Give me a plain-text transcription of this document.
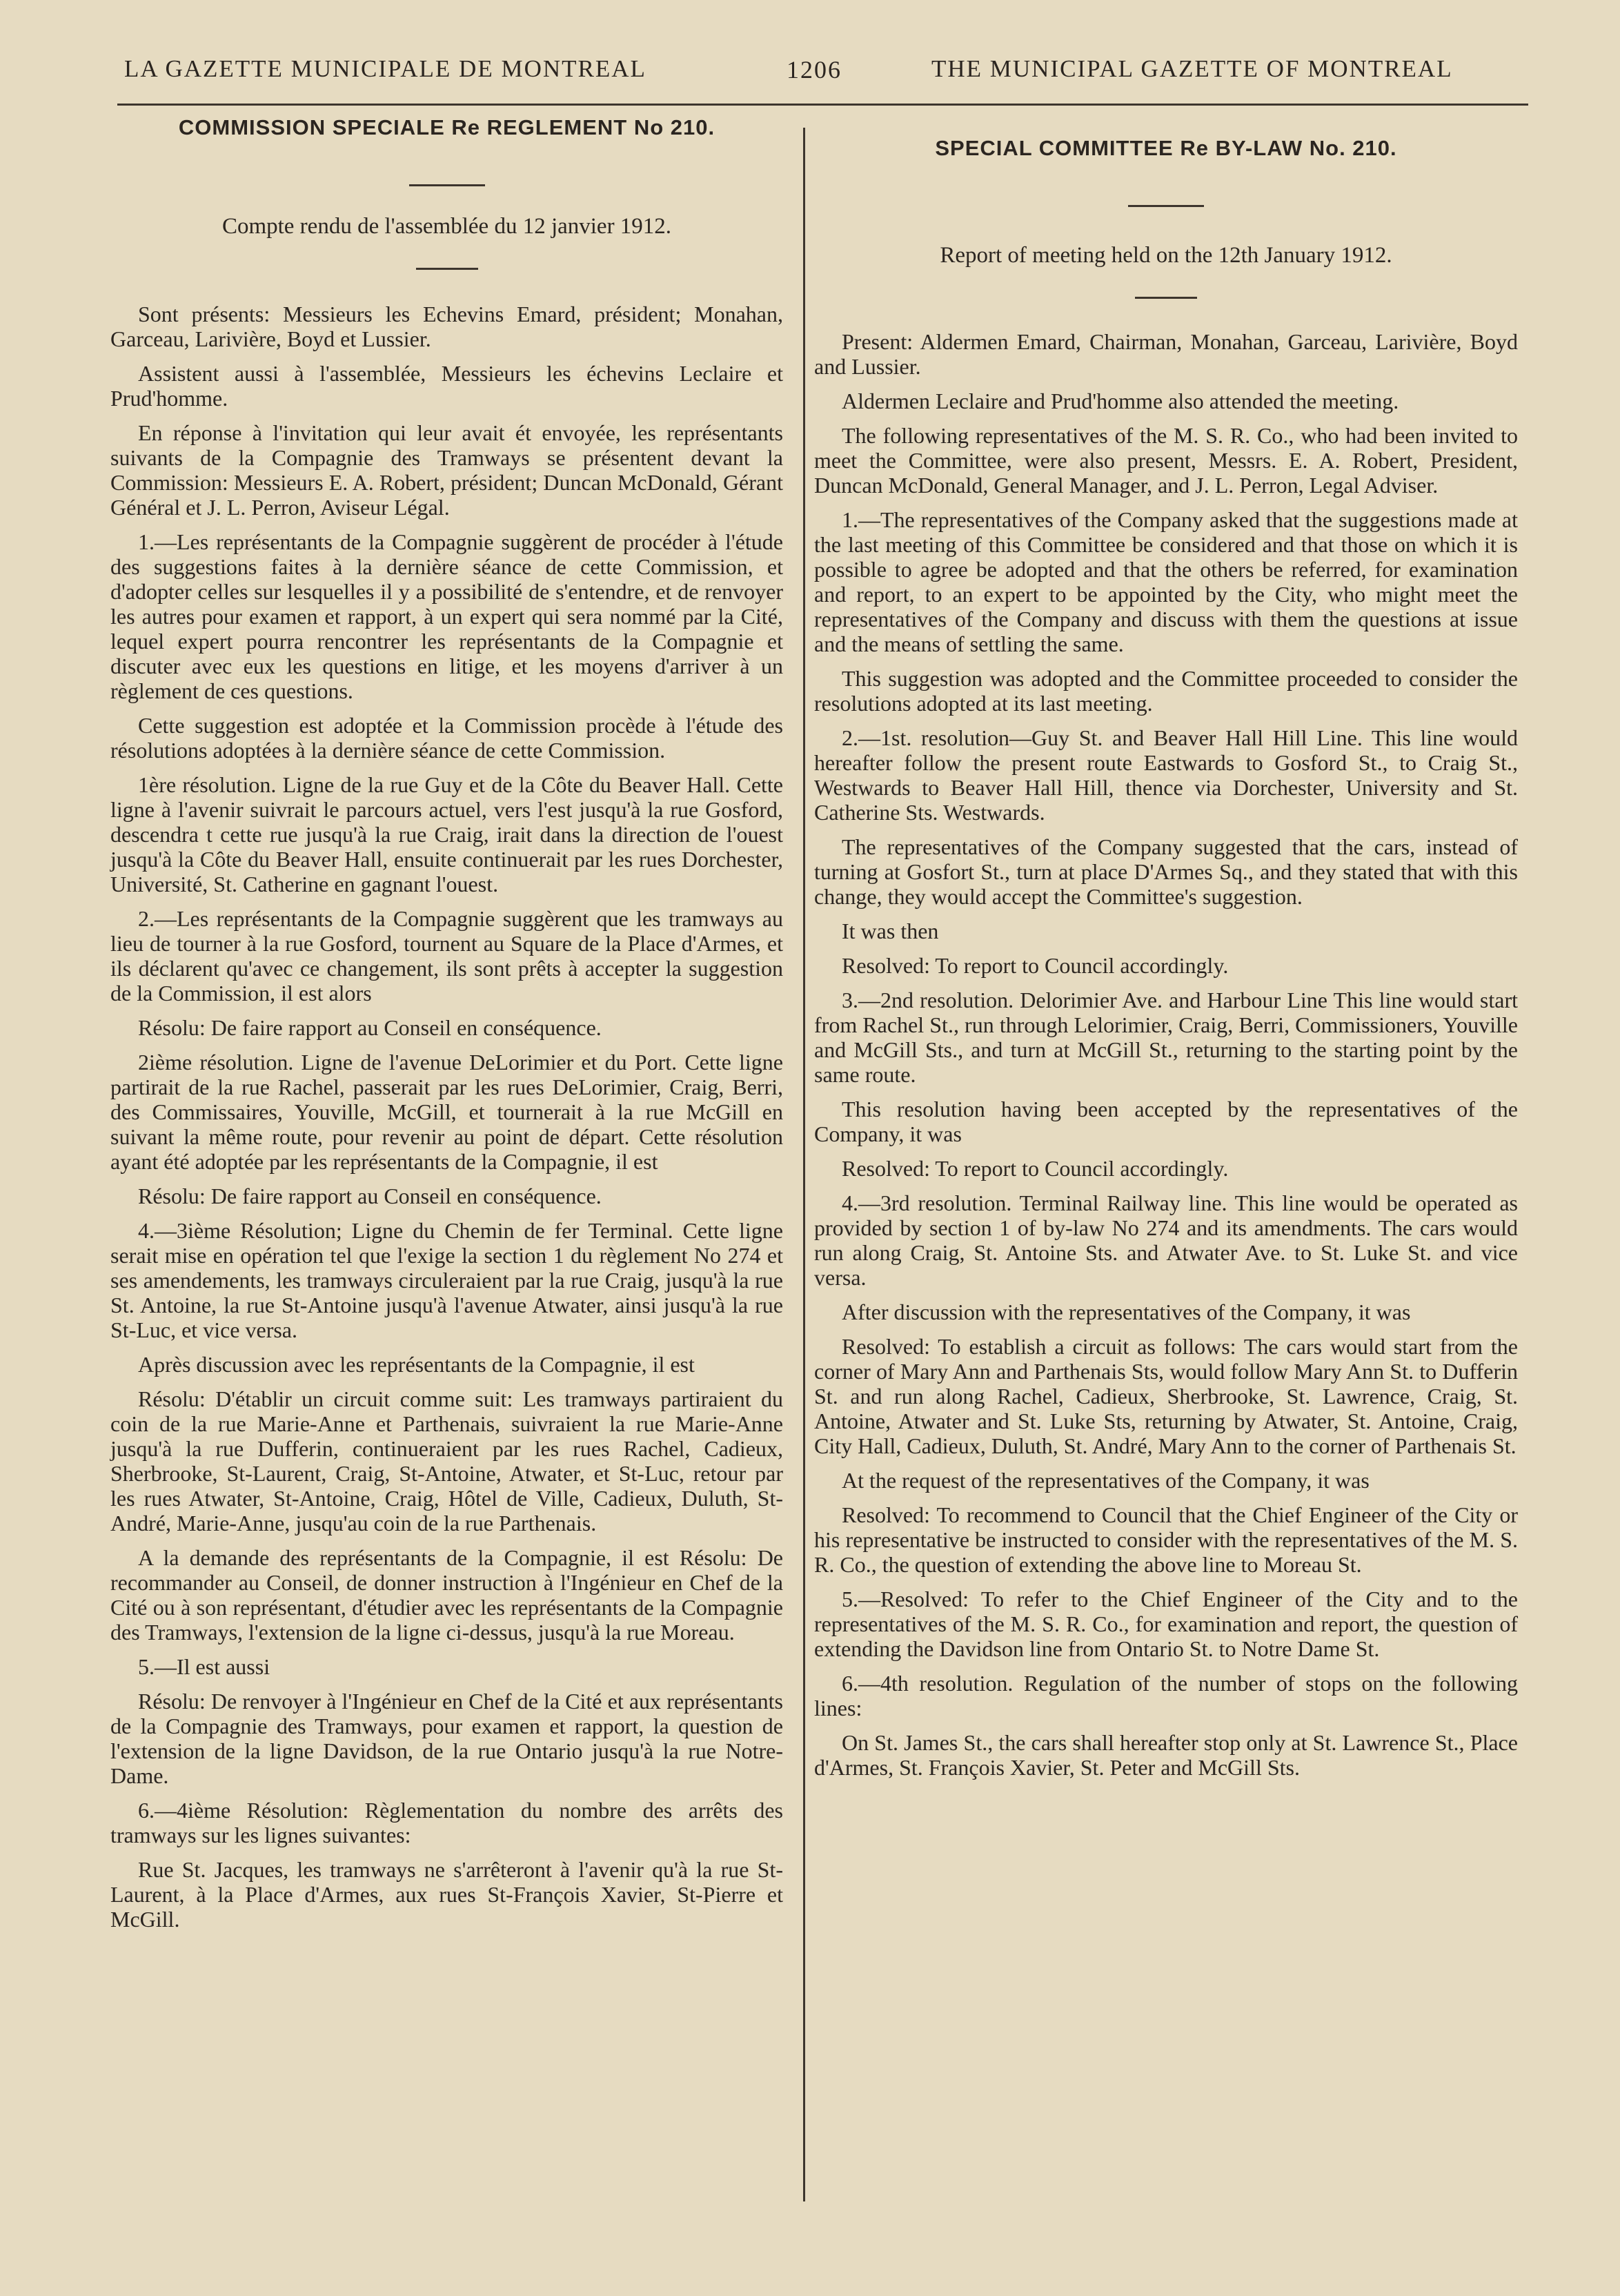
LA GAZETTE MUNICIPALE DE MONTREAL	1206	THE MUNICIPAL GAZETTE OF MONTREAL
COMMISSION SPECIALE Re REGLEMENT No 210.

Compte rendu de l'assemblée du 12 janvier 1912.

Sont présents: Messieurs les Echevins Emard, président; Monahan, Garceau, Larivière, Boyd et Lussier.

Assistent aussi à l'assemblée, Messieurs les échevins Leclaire et Prud'homme.

En réponse à l'invitation qui leur avait ét envoyée, les représentants suivants de la Compagnie des Tramways se présentent devant la Commission: Messieurs E. A. Robert, président; Duncan McDonald, Gérant Général et J. L. Perron, Aviseur Légal.

1.—Les représentants de la Compagnie suggèrent de procéder à l'étude des suggestions faites à la dernière séance de cette Commission, et d'adopter celles sur lesquelles il y a possibilité de s'entendre, et de renvoyer les autres pour examen et rapport, à un expert qui sera nommé par la Cité, lequel expert pourra rencontrer les représentants de la Compagnie et discuter avec eux les questions en litige, et les moyens d'arriver à un règlement de ces questions.

Cette suggestion est adoptée et la Commission procède à l'étude des résolutions adoptées à la dernière séance de cette Commission.

1ère résolution. Ligne de la rue Guy et de la Côte du Beaver Hall. Cette ligne à l'avenir suivrait le parcours actuel, vers l'est jusqu'à la rue Gosford, descendra t cette rue jusqu'à la rue Craig, irait dans la direction de l'ouest jusqu'à la Côte du Beaver Hall, ensuite continuerait par les rues Dorchester, Université, St. Catherine en gagnant l'ouest.

2.—Les représentants de la Compagnie suggèrent que les tramways au lieu de tourner à la rue Gosford, tournent au Square de la Place d'Armes, et ils déclarent qu'avec ce changement, ils sont prêts à accepter la suggestion de la Commission, il est alors

Résolu: De faire rapport au Conseil en conséquence.

2ième résolution. Ligne de l'avenue DeLorimier et du Port. Cette ligne partirait de la rue Rachel, passerait par les rues DeLorimier, Craig, Berri, des Commissaires, Youville, McGill, et tournerait à la rue McGill en suivant la même route, pour revenir au point de départ. Cette résolution ayant été adoptée par les représentants de la Compagnie, il est

Résolu: De faire rapport au Conseil en conséquence.

4.—3ième Résolution; Ligne du Chemin de fer Terminal. Cette ligne serait mise en opération tel que l'exige la section 1 du règlement No 274 et ses amendements, les tramways circuleraient par la rue Craig, jusqu'à la rue St. Antoine, la rue St-Antoine jusqu'à l'avenue Atwater, ainsi jusqu'à la rue St-Luc, et vice versa.

Après discussion avec les représentants de la Compagnie, il est

Résolu: D'établir un circuit comme suit: Les tramways partiraient du coin de la rue Marie-Anne et Parthenais, suivraient la rue Marie-Anne jusqu'à la rue Dufferin, continueraient par les rues Rachel, Cadieux, Sherbrooke, St-Laurent, Craig, St-Antoine, Atwater, et St-Luc, retour par les rues Atwater, St-Antoine, Craig, Hôtel de Ville, Cadieux, Duluth, St-André, Marie-Anne, jusqu'au coin de la rue Parthenais.

A la demande des représentants de la Compagnie, il est Résolu: De recommander au Conseil, de donner instruction à l'Ingénieur en Chef de la Cité ou à son représentant, d'étudier avec les représentants de la Compagnie des Tramways, l'extension de la ligne ci-dessus, jusqu'à la rue Moreau.

5.—Il est aussi

Résolu: De renvoyer à l'Ingénieur en Chef de la Cité et aux représentants de la Compagnie des Tramways, pour examen et rapport, la question de l'extension de la ligne Davidson, de la rue Ontario jusqu'à la rue Notre-Dame.

6.—4ième Résolution: Règlementation du nombre des arrêts des tramways sur les lignes suivantes:

Rue St. Jacques, les tramways ne s'arrêteront à l'avenir qu'à la rue St-Laurent, à la Place d'Armes, aux rues St-François Xavier, St-Pierre et McGill.

SPECIAL COMMITTEE Re BY-LAW No. 210.

Report of meeting held on the 12th January 1912.

Present: Aldermen Emard, Chairman, Monahan, Garceau, Larivière, Boyd and Lussier.

Aldermen Leclaire and Prud'homme also attended the meeting.

The following representatives of the M. S. R. Co., who had been invited to meet the Committee, were also present, Messrs. E. A. Robert, President, Duncan McDonald, General Manager, and J. L. Perron, Legal Adviser.

1.—The representatives of the Company asked that the suggestions made at the last meeting of this Committee be considered and that those on which it is possible to agree be adopted and that the others be referred, for examination and report, to an expert to be appointed by the City, who might meet the representatives of the Company and discuss with them the questions at issue and the means of settling the same.

This suggestion was adopted and the Committee proceeded to consider the resolutions adopted at its last meeting.

2.—1st. resolution—Guy St. and Beaver Hall Hill Line. This line would hereafter follow the present route Eastwards to Gosford St., to Craig St., Westwards to Beaver Hall Hill, thence via Dorchester, University and St. Catherine Sts. Westwards.

The representatives of the Company suggested that the cars, instead of turning at Gosfort St., turn at place D'Armes Sq., and they stated that with this change, they would accept the Committee's suggestion.

It was then

Resolved: To report to Council accordingly.

3.—2nd resolution. Delorimier Ave. and Harbour Line This line would start from Rachel St., run through Lelorimier, Craig, Berri, Commissioners, Youville and McGill Sts., and turn at McGill St., returning to the starting point by the same route.

This resolution having been accepted by the representatives of the Company, it was

Resolved: To report to Council accordingly.

4.—3rd resolution. Terminal Railway line. This line would be operated as provided by section 1 of by-law No 274 and its amendments. The cars would run along Craig, St. Antoine Sts. and Atwater Ave. to St. Luke St. and vice versa.

After discussion with the representatives of the Company, it was

Resolved: To establish a circuit as follows: The cars would start from the corner of Mary Ann and Parthenais Sts, would follow Mary Ann St. to Dufferin St. and run along Rachel, Cadieux, Sherbrooke, St. Lawrence, Craig, St. Antoine, Atwater and St. Luke Sts, returning by Atwater, St. Antoine, Craig, City Hall, Cadieux, Duluth, St. André, Mary Ann to the corner of Parthenais St.

At the request of the representatives of the Company, it was

Resolved: To recommend to Council that the Chief Engineer of the City or his representative be instructed to consider with the representatives of the M. S. R. Co., the question of extending the above line to Moreau St.

5.—Resolved: To refer to the Chief Engineer of the City and to the representatives of the M. S. R. Co., for examination and report, the question of extending the Davidson line from Ontario St. to Notre Dame St.

6.—4th resolution. Regulation of the number of stops on the following lines:

On St. James St., the cars shall hereafter stop only at St. Lawrence St., Place d'Armes, St. François Xavier, St. Peter and McGill Sts.
